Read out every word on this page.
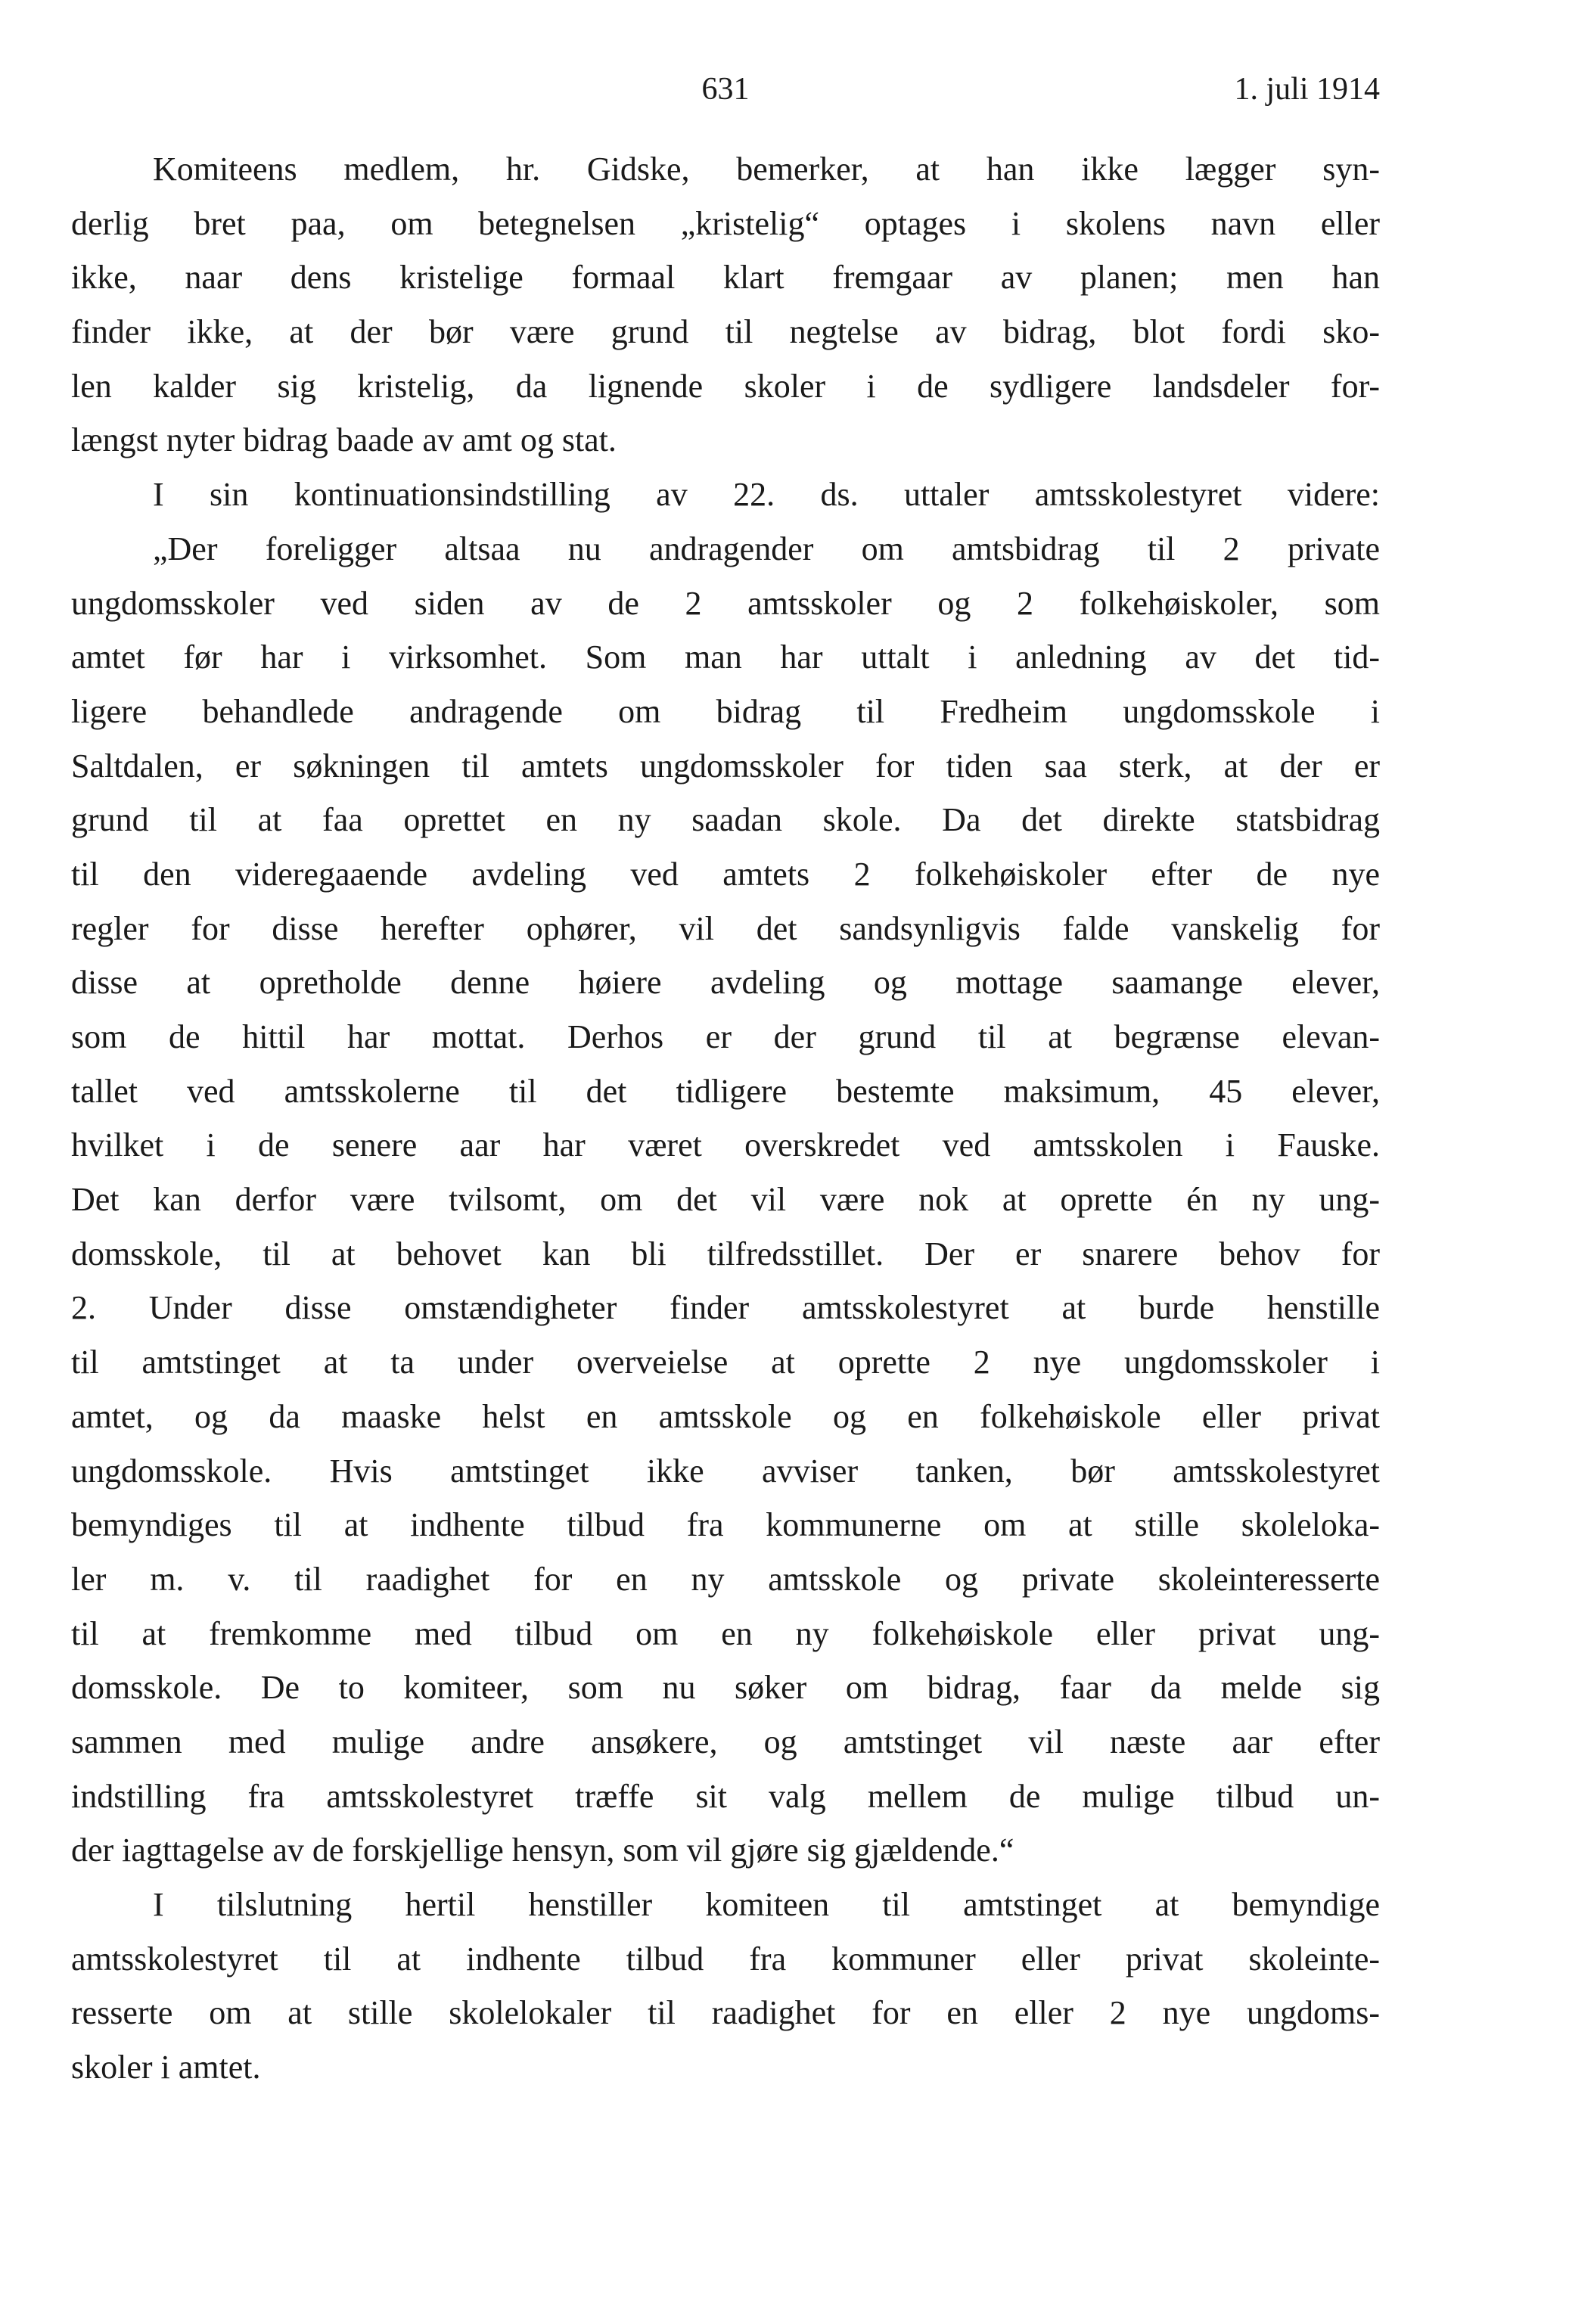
631	1. juli 1914
Komiteens medlem, hr. Gidske, bemerker, at han ikke lægger syn-
derlig bret paa, om betegnelsen „kristelig“ optages i skolens navn eller
ikke, naar dens kristelige formaal klart fremgaar av planen; men han
finder ikke, at der bør være grund til negtelse av bidrag, blot fordi sko-
len kalder sig kristelig, da lignende skoler i de sydligere landsdeler for-
længst nyter bidrag baade av amt og stat.
I sin kontinuationsindstilling av 22. ds. uttaler amtsskolestyret videre:
„Der foreligger altsaa nu andragender om amtsbidrag til 2 private
ungdomsskoler ved siden av de 2 amtsskoler og 2 folkehøiskoler, som
amtet før har i virksomhet. Som man har uttalt i anledning av det tid-
ligere behandlede andragende om bidrag til Fredheim ungdomsskole i
Saltdalen, er søkningen til amtets ungdomsskoler for tiden saa sterk, at der er
grund til at faa oprettet en ny saadan skole. Da det direkte statsbidrag
til den videregaaende avdeling ved amtets 2 folkehøiskoler efter de nye
regler for disse herefter ophører, vil det sandsynligvis falde vanskelig for
disse at opretholde denne høiere avdeling og mottage saamange elever,
som de hittil har mottat. Derhos er der grund til at begrænse elevan-
tallet ved amtsskolerne til det tidligere bestemte maksimum, 45 elever,
hvilket i de senere aar har været overskredet ved amtsskolen i Fauske.
Det kan derfor være tvilsomt, om det vil være nok at oprette én ny ung-
domsskole, til at behovet kan bli tilfredsstillet. Der er snarere behov for
2. Under disse omstændigheter finder amtsskolestyret at burde henstille
til amtstinget at ta under overveielse at oprette 2 nye ungdomsskoler i
amtet, og da maaske helst en amtsskole og en folkehøiskole eller privat
ungdomsskole. Hvis amtstinget ikke avviser tanken, bør amtsskolestyret
bemyndiges til at indhente tilbud fra kommunerne om at stille skoleloka-
ler m. v. til raadighet for en ny amtsskole og private skoleinteresserte
til at fremkomme med tilbud om en ny folkehøiskole eller privat ung-
domsskole. De to komiteer, som nu søker om bidrag, faar da melde sig
sammen med mulige andre ansøkere, og amtstinget vil næste aar efter
indstilling fra amtsskolestyret træffe sit valg mellem de mulige tilbud un-
der iagttagelse av de forskjellige hensyn, som vil gjøre sig gjældende.“
I tilslutning hertil henstiller komiteen til amtstinget at bemyndige
amtsskolestyret til at indhente tilbud fra kommuner eller privat skoleinte-
resserte om at stille skolelokaler til raadighet for en eller 2 nye ungdoms-
skoler i amtet.
